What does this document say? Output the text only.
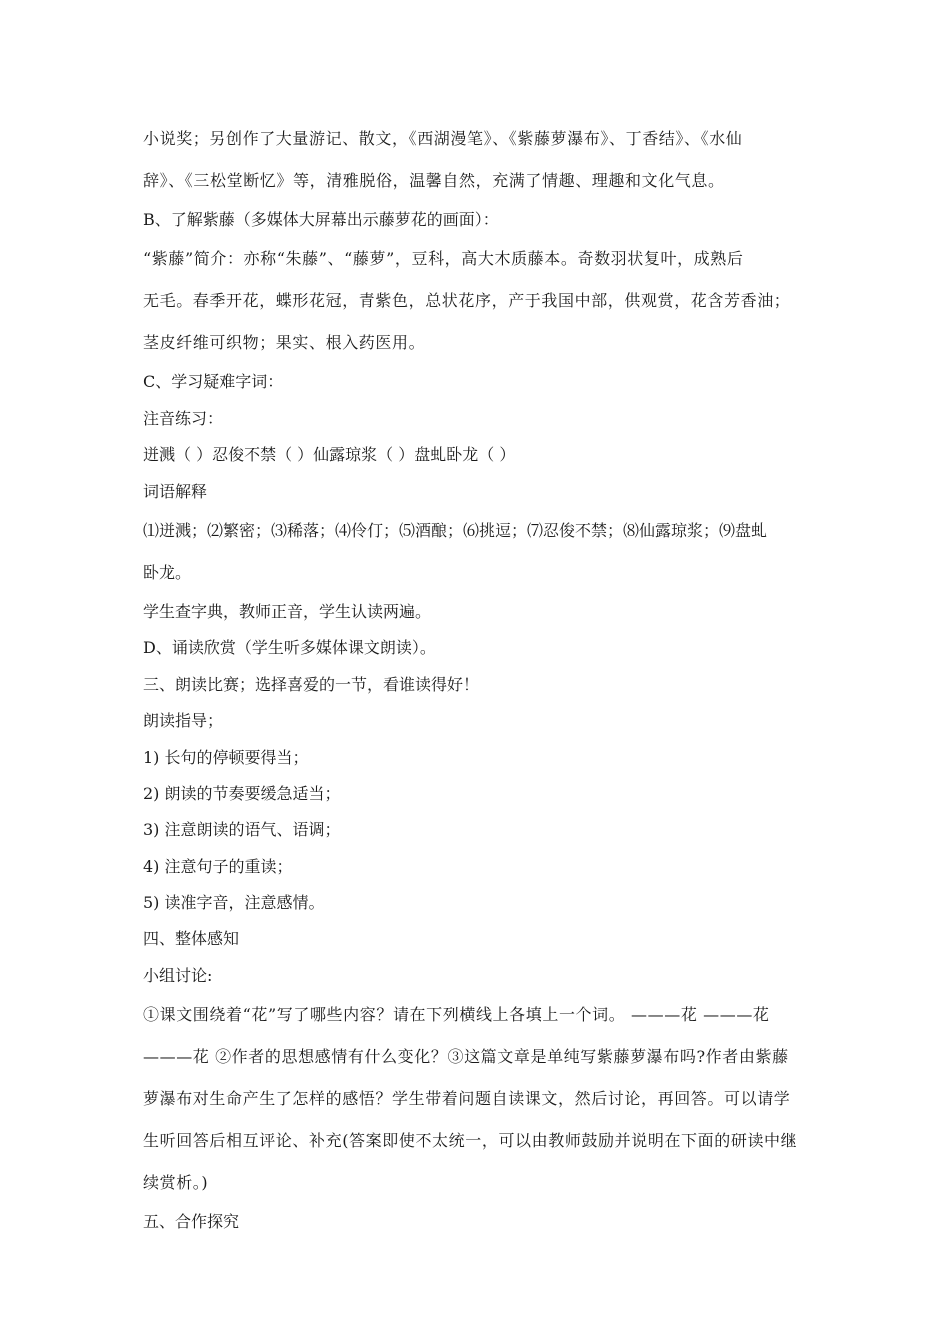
小说奖；另创作了大量游记、散文，《西湖漫笔》、《紫藤萝瀑布》、丁香结》、《水仙
辞》、《三松堂断忆》等，清雅脱俗，温馨自然，充满了情趣、理趣和文化气息。
B、了解紫藤（多媒体大屏幕出示藤萝花的画面）：
“紫藤”简介：亦称“朱藤”、“藤萝”，豆科，高大木质藤本。奇数羽状复叶，成熟后
无毛。春季开花，蝶形花冠，青紫色，总状花序，产于我国中部，供观赏，花含芳香油；
茎皮纤维可织物；果实、根入药医用。
C、学习疑难字词：
注音练习：
迸溅（ ）忍俊不禁（ ）仙露琼浆（ ）盘虬卧龙（ ）
词语解释
⑴迸溅；⑵繁密；⑶稀落；⑷伶仃；⑸酒酿；⑹挑逗；⑺忍俊不禁；⑻仙露琼浆；⑼盘虬
卧龙。
学生查字典，教师正音，学生认读两遍。
D、诵读欣赏（学生听多媒体课文朗读）。
三、朗读比赛；选择喜爱的一节，看谁读得好！
朗读指导；
1) 长句的停顿要得当；
2) 朗读的节奏要缓急适当；
3) 注意朗读的语气、语调；
4) 注意句子的重读；
5) 读准字音，注意感情。
四、整体感知
小组讨论:
①课文围绕着“花”写了哪些内容？请在下列横线上各填上一个词。 ———花 ———花
———花 ②作者的思想感情有什么变化？③这篇文章是单纯写紫藤萝瀑布吗?作者由紫藤
萝瀑布对生命产生了怎样的感悟？学生带着问题自读课文，然后讨论，再回答。可以请学
生听回答后相互评论、补充(答案即使不太统一，可以由教师鼓励并说明在下面的研读中继
续赏析。)
五、合作探究
